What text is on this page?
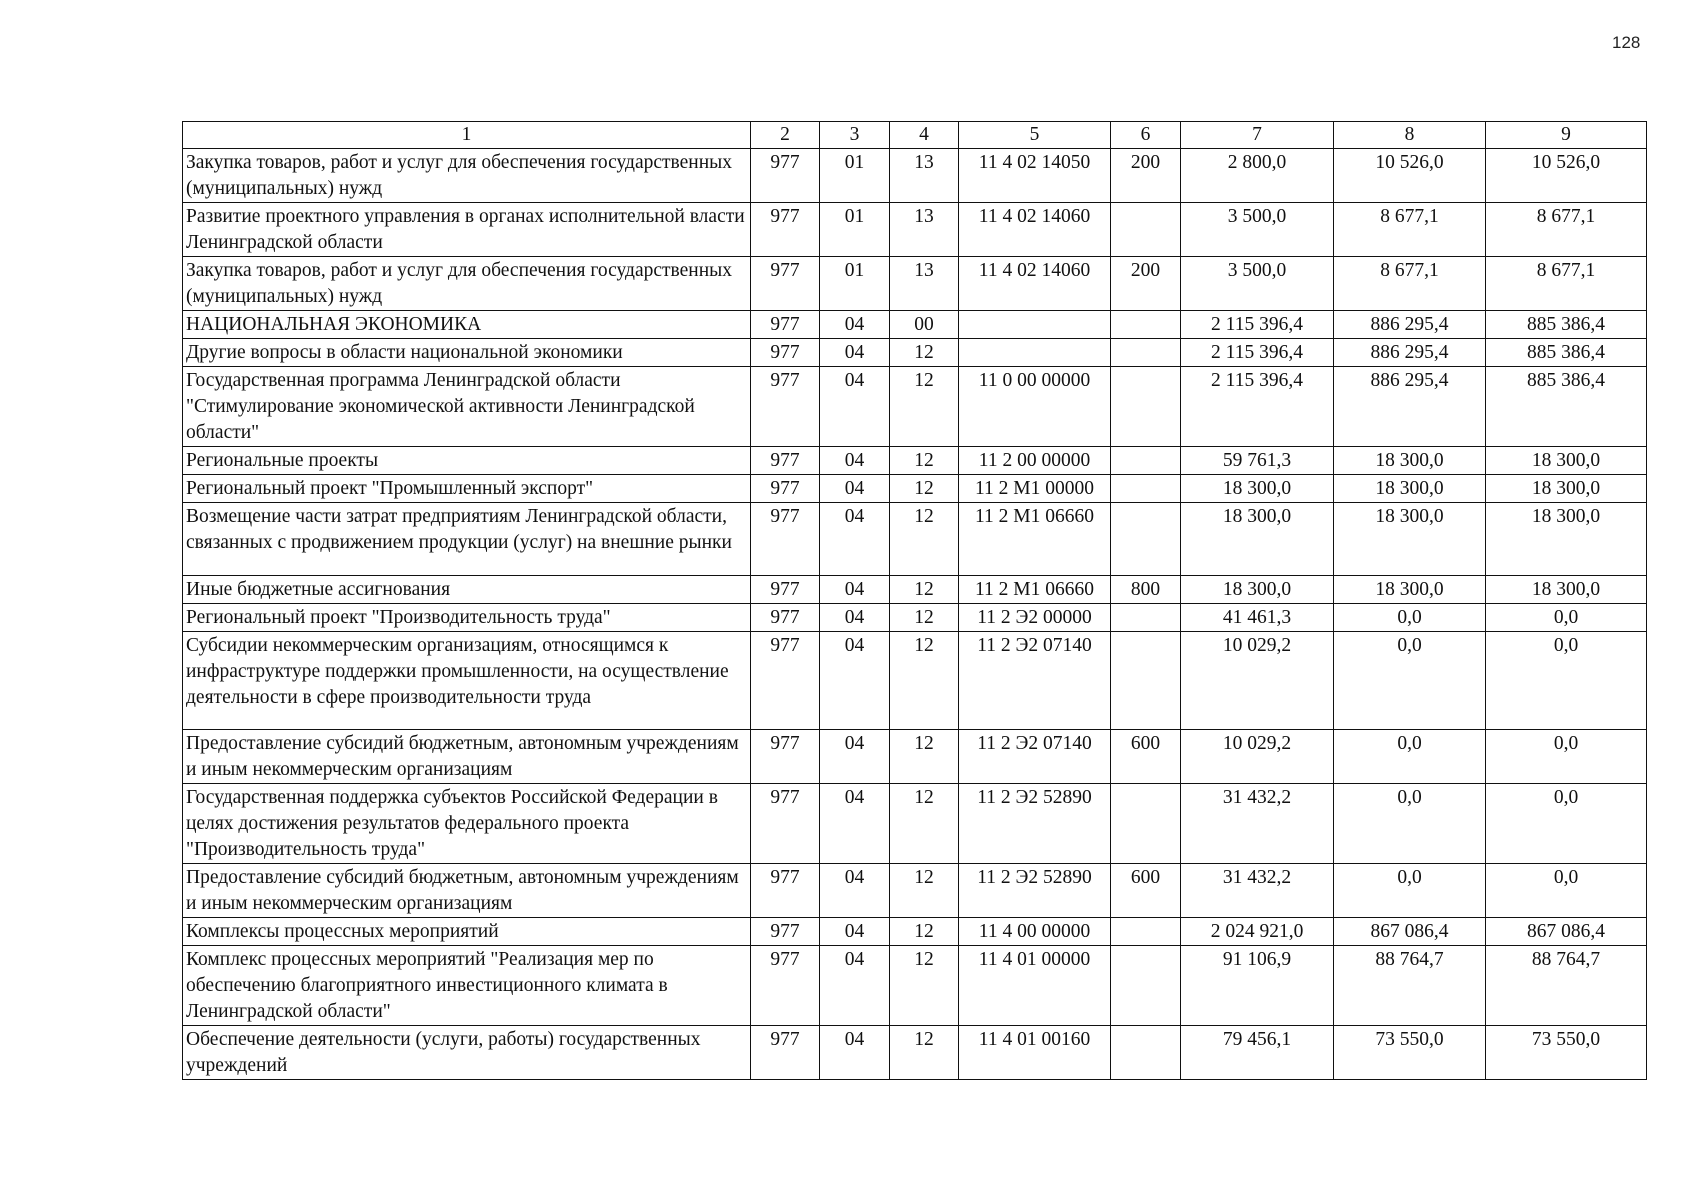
128
1	2	3	4	5	6	7	8	9
Закупка товаров, работ и услуг для обеспечения государственных (муниципальных) нужд	977	01	13	11 4 02 14050	200	2 800,0	10 526,0	10 526,0
Развитие проектного управления в органах исполнительной власти Ленинградской области	977	01	13	11 4 02 14060		3 500,0	8 677,1	8 677,1
Закупка товаров, работ и услуг для обеспечения государственных (муниципальных) нужд	977	01	13	11 4 02 14060	200	3 500,0	8 677,1	8 677,1
НАЦИОНАЛЬНАЯ ЭКОНОМИКА	977	04	00			2 115 396,4	886 295,4	885 386,4
Другие вопросы в области национальной экономики	977	04	12			2 115 396,4	886 295,4	885 386,4
Государственная программа Ленинградской области "Стимулирование экономической активности Ленинградской области"	977	04	12	11 0 00 00000		2 115 396,4	886 295,4	885 386,4
Региональные проекты	977	04	12	11 2 00 00000		59 761,3	18 300,0	18 300,0
Региональный проект "Промышленный экспорт"	977	04	12	11 2 M1 00000		18 300,0	18 300,0	18 300,0
Возмещение части затрат предприятиям Ленинградской области, связанных с продвижением продукции (услуг) на внешние рынки	977	04	12	11 2 M1 06660		18 300,0	18 300,0	18 300,0
Иные бюджетные ассигнования	977	04	12	11 2 M1 06660	800	18 300,0	18 300,0	18 300,0
Региональный проект "Производительность труда"	977	04	12	11 2 Э2 00000		41 461,3	0,0	0,0
Субсидии некоммерческим организациям, относящимся к инфраструктуре поддержки промышленности, на осуществление деятельности в сфере производительности труда	977	04	12	11 2 Э2 07140		10 029,2	0,0	0,0
Предоставление субсидий бюджетным, автономным учреждениям и иным некоммерческим организациям	977	04	12	11 2 Э2 07140	600	10 029,2	0,0	0,0
Государственная поддержка субъектов Российской Федерации в целях достижения результатов федерального проекта "Производительность труда"	977	04	12	11 2 Э2 52890		31 432,2	0,0	0,0
Предоставление субсидий бюджетным, автономным учреждениям и иным некоммерческим организациям	977	04	12	11 2 Э2 52890	600	31 432,2	0,0	0,0
Комплексы процессных мероприятий	977	04	12	11 4 00 00000		2 024 921,0	867 086,4	867 086,4
Комплекс процессных мероприятий "Реализация мер по обеспечению благоприятного инвестиционного климата в Ленинградской области"	977	04	12	11 4 01 00000		91 106,9	88 764,7	88 764,7
Обеспечение деятельности (услуги, работы) государственных учреждений	977	04	12	11 4 01 00160		79 456,1	73 550,0	73 550,0
